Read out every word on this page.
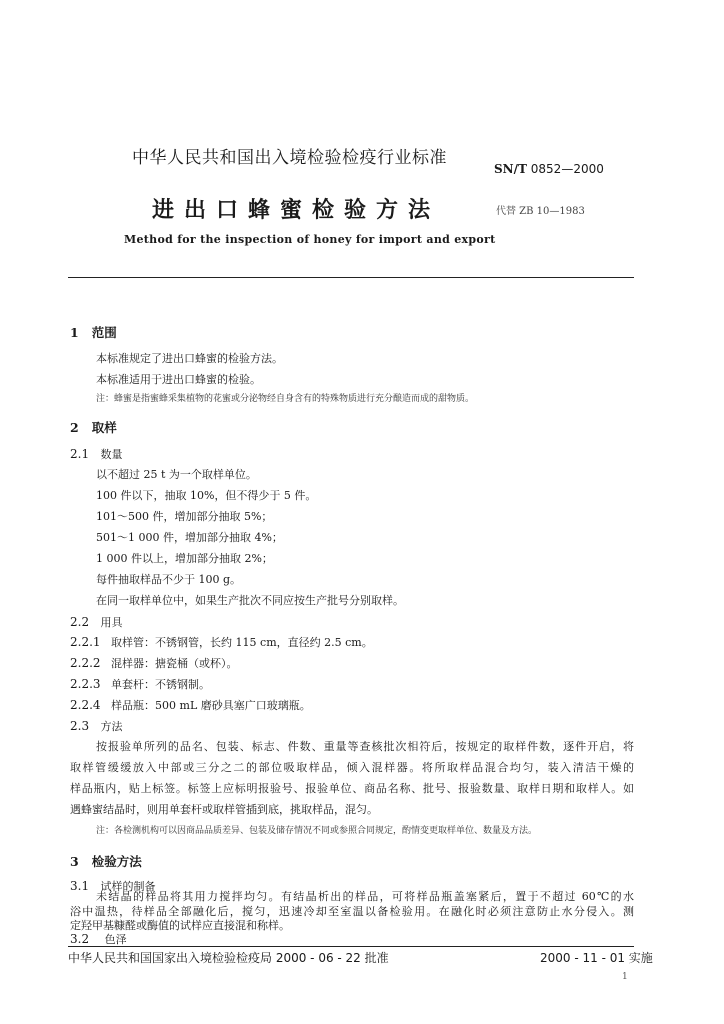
中华人民共和国出入境检验检疫行业标准
SN/T 0852—2000
进出口蜂蜜检验方法	代替 ZB 10—1983
Method for the inspection of honey for import and export
1 范围
本标准规定了进出口蜂蜜的检验方法。
本标准适用于进出口蜂蜜的检验。
注：蜂蜜是指蜜蜂采集植物的花蜜或分泌物经自身含有的特殊物质进行充分酿造而成的甜物质。
2 取样
2.1 数量
以不超过 25 t 为一个取样单位。
100 件以下，抽取 10%，但不得少于 5 件。
101～500 件，增加部分抽取 5%；
501～1 000 件，增加部分抽取 4%；
1 000 件以上，增加部分抽取 2%；
每件抽取样品不少于 100 g。
在同一取样单位中，如果生产批次不同应按生产批号分别取样。
2.2 用具
2.2.1 取样管：不锈钢管，长约 115 cm，直径约 2.5 cm。
2.2.2 混样器：搪瓷桶（或杯）。
2.2.3 单套杆：不锈钢制。
2.2.4 样品瓶：500 mL 磨砂具塞广口玻璃瓶。
2.3 方法
按报验单所列的品名、包装、标志、件数、重量等查核批次相符后，按规定的取样件数，逐件开启，将
取样管缓缓放入中部或三分之二的部位吸取样品，倾入混样器。将所取样品混合均匀，装入清洁干燥的
样品瓶内，贴上标签。标签上应标明报验号、报验单位、商品名称、批号、报验数量、取样日期和取样人。如
遇蜂蜜结晶时，则用单套杆或取样管插到底，挑取样品，混匀。
注：各检测机构可以因商品品质差异、包装及储存情况不同或参照合同规定，酌情变更取样单位、数量及方法。
3 检验方法
3.1 试样的制备
未结晶的样品将其用力搅拌均匀。有结晶析出的样品，可将样品瓶盖塞紧后，置于不超过 60℃的水
浴中温热，待样品全部融化后，搅匀，迅速冷却至室温以备检验用。在融化时必须注意防止水分侵入。测
定羟甲基糠醛或酶值的试样应直接混和称样。
中华人民共和国国家出入境检验检疫局 2000 - 06 - 22 批准	2000 - 11 - 01 实施
3.2 色泽
1
